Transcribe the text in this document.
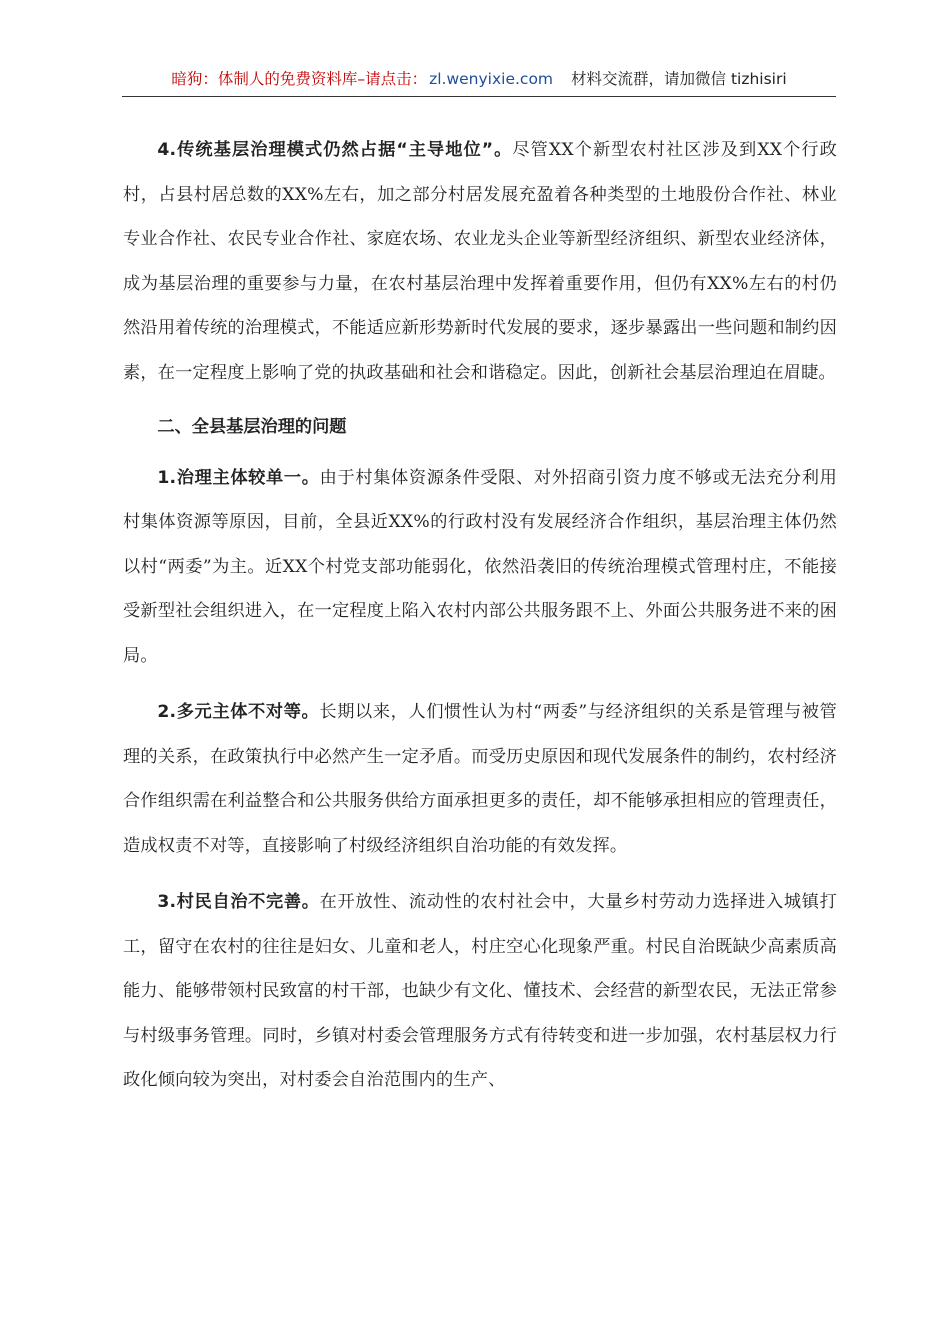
暗狗：体制人的免费资料库–请点击： zl.wenyixie.com 材料交流群，请加微信 tizhisiri

4.传统基层治理模式仍然占据“主导地位”。尽管XX个新型农村社区涉及到XX个行政村，占县村居总数的XX%左右，加之部分村居发展充盈着各种类型的土地股份合作社、林业专业合作社、农民专业合作社、家庭农场、农业龙头企业等新型经济组织、新型农业经济体，成为基层治理的重要参与力量，在农村基层治理中发挥着重要作用，但仍有XX%左右的村仍然沿用着传统的治理模式，不能适应新形势新时代发展的要求，逐步暴露出一些问题和制约因素，在一定程度上影响了党的执政基础和社会和谐稳定。因此，创新社会基层治理迫在眉睫。

二、全县基层治理的问题

1.治理主体较单一。由于村集体资源条件受限、对外招商引资力度不够或无法充分利用村集体资源等原因，目前，全县近XX%的行政村没有发展经济合作组织，基层治理主体仍然以村“两委”为主。近XX个村党支部功能弱化，依然沿袭旧的传统治理模式管理村庄，不能接受新型社会组织进入，在一定程度上陷入农村内部公共服务跟不上、外面公共服务进不来的困局。

2.多元主体不对等。长期以来，人们惯性认为村“两委”与经济组织的关系是管理与被管理的关系，在政策执行中必然产生一定矛盾。而受历史原因和现代发展条件的制约，农村经济合作组织需在利益整合和公共服务供给方面承担更多的责任，却不能够承担相应的管理责任，造成权责不对等，直接影响了村级经济组织自治功能的有效发挥。

3.村民自治不完善。在开放性、流动性的农村社会中，大量乡村劳动力选择进入城镇打工，留守在农村的往往是妇女、儿童和老人，村庄空心化现象严重。村民自治既缺少高素质高能力、能够带领村民致富的村干部，也缺少有文化、懂技术、会经营的新型农民，无法正常参与村级事务管理。同时，乡镇对村委会管理服务方式有待转变和进一步加强，农村基层权力行政化倾向较为突出，对村委会自治范围内的生产、
